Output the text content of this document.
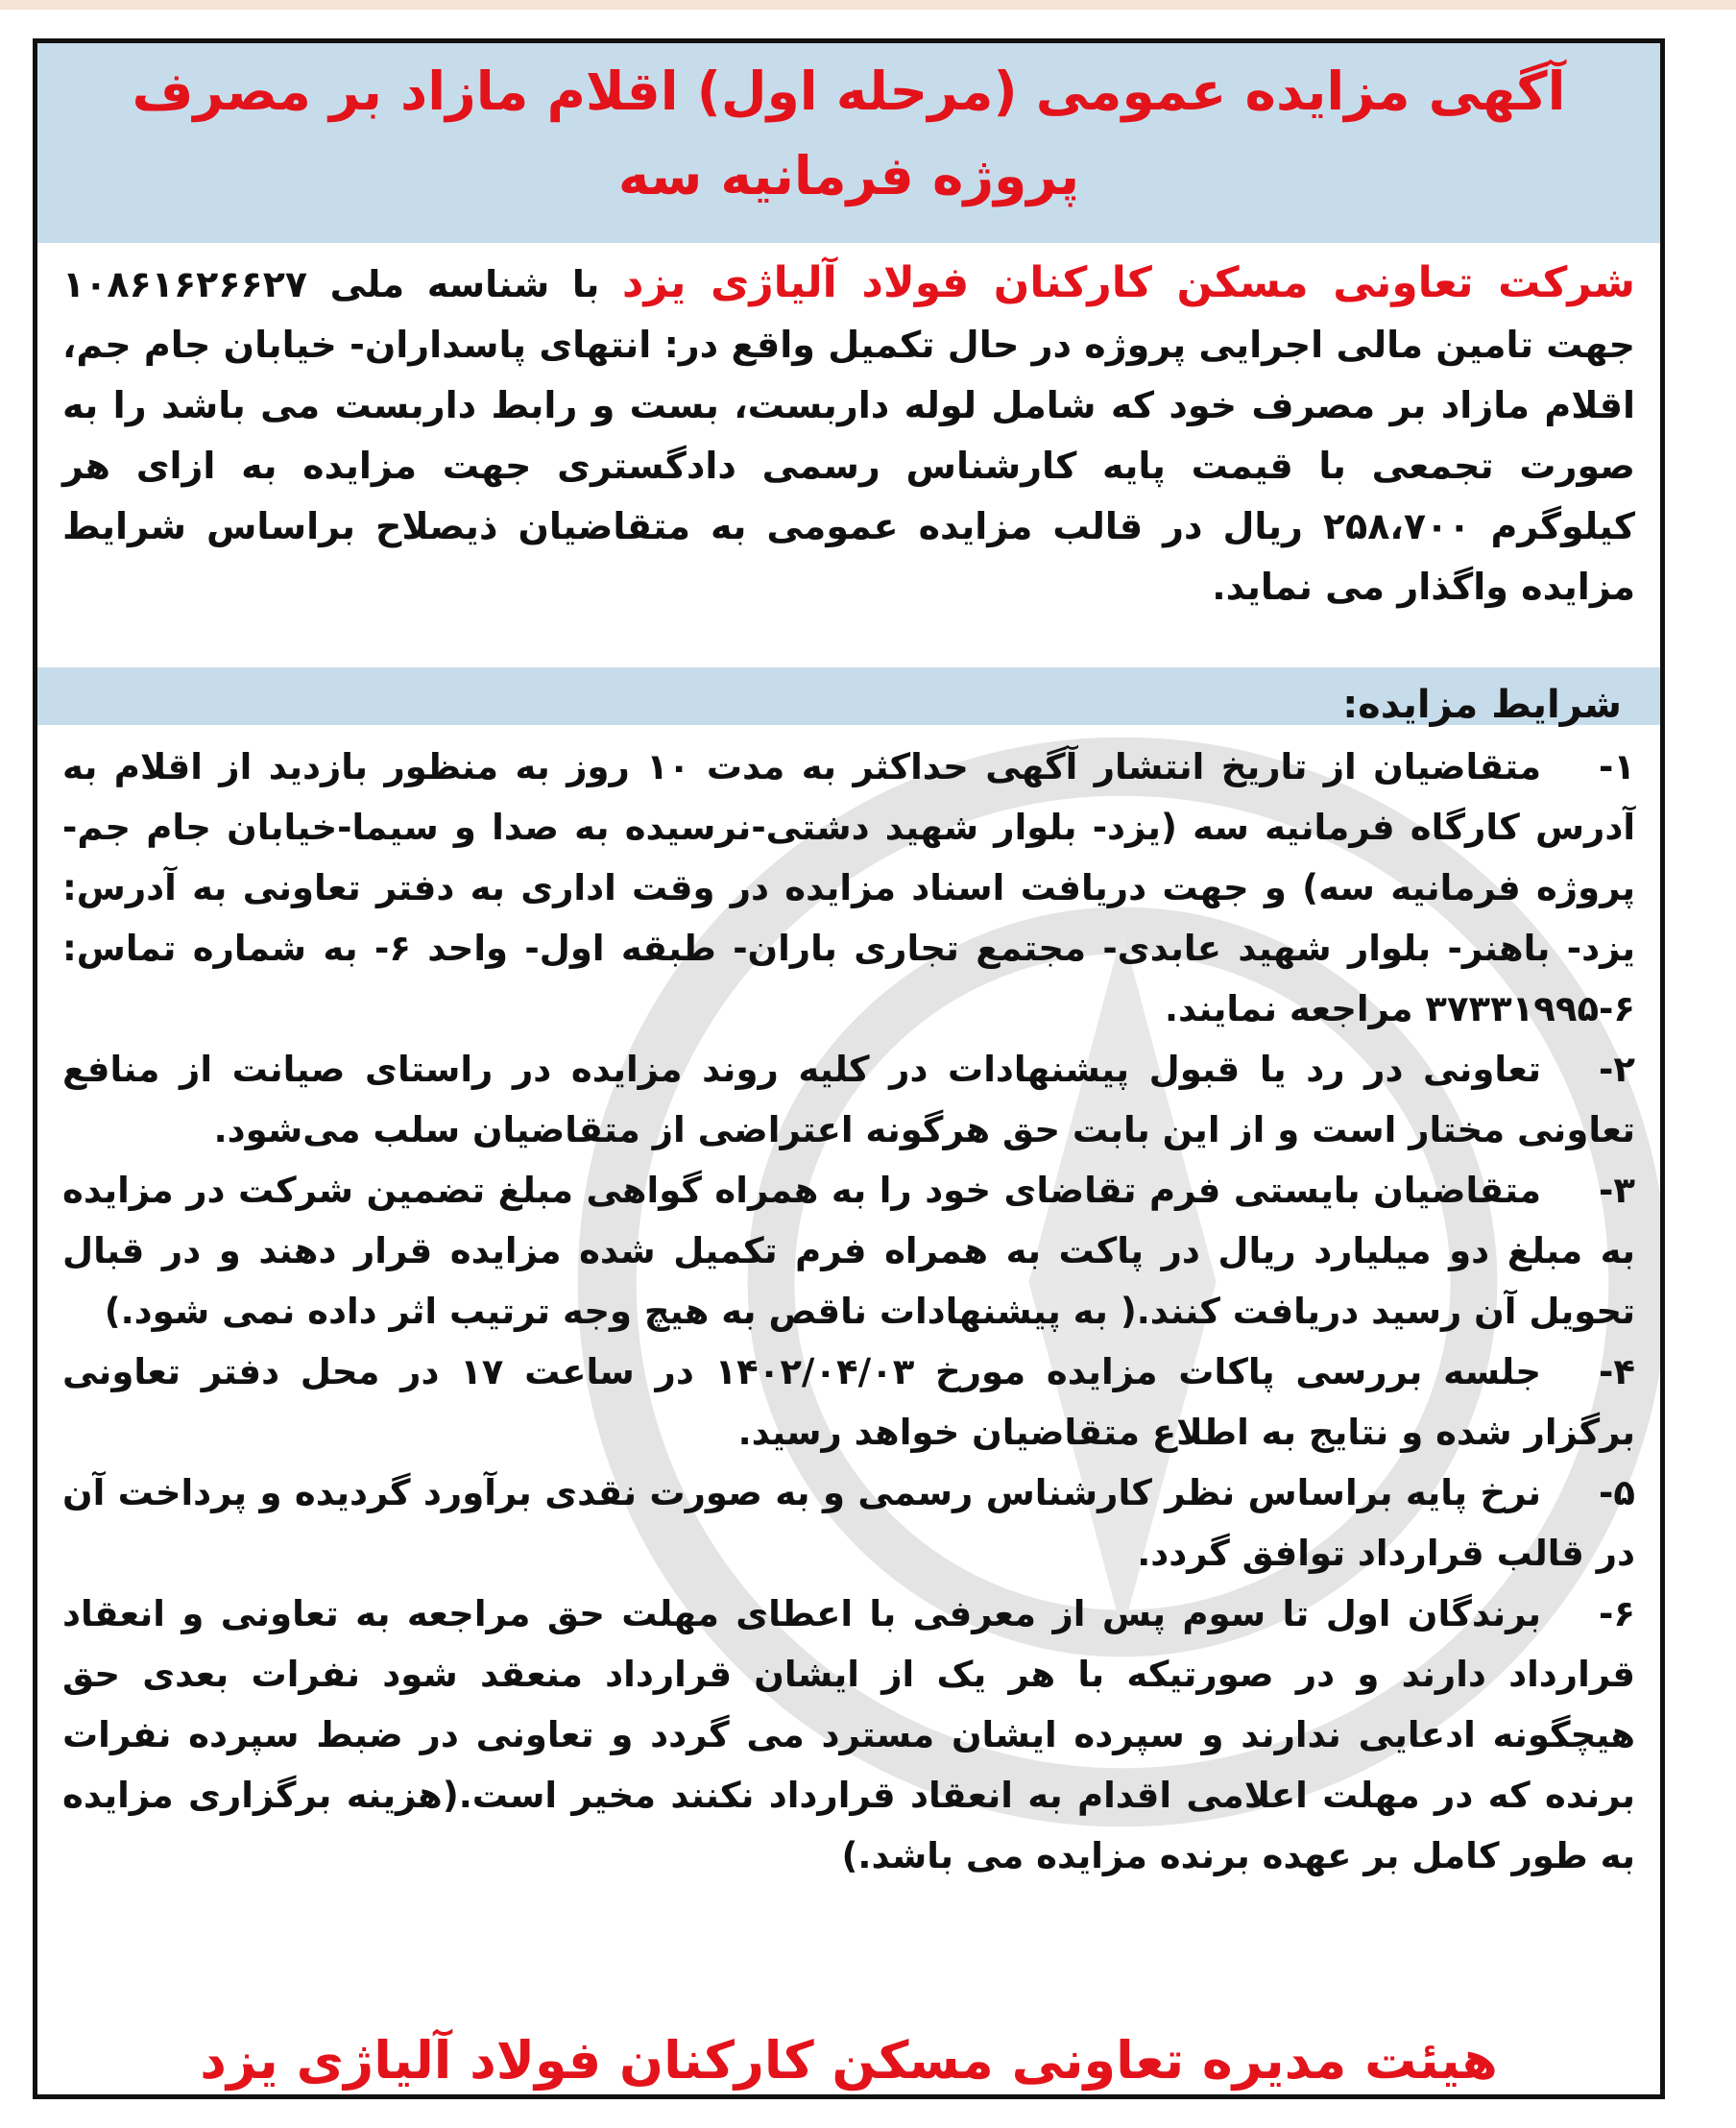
آگهی مزایده عمومی (مرحله اول) اقلام مازاد بر مصرف پروژه فرمانیه سه
شرکت تعاونی مسکن کارکنان فولاد آلیاژی یزد با شناسه ملی ۱۰۸۶۱۶۲۶۶۲۷ جهت تامین مالی اجرایی پروژه در حال تکمیل واقع در: انتهای پاسداران- خیابان جام جم، اقلام مازاد بر مصرف خود که شامل لوله داربست، بست و رابط داربست می باشد را به صورت تجمعی با قیمت پایه کارشناس رسمی دادگستری جهت مزایده به ازای هر کیلوگرم ۲۵۸،۷۰۰ ریال در قالب مزایده عمومی به متقاضیان ذیصلاح براساس شرایط مزایده واگذار می نماید.
شرایط مزایده:

۱-متقاضیان از تاریخ انتشار آگهی حداکثر به مدت ۱۰ روز به منظور بازدید از اقلام به آدرس کارگاه فرمانیه سه (یزد- بلوار شهید دشتی-نرسیده به صدا و سیما-خیابان جام جم-پروژه فرمانیه سه) و جهت دریافت اسناد مزایده در وقت اداری به دفتر تعاونی به آدرس: یزد- باهنر- بلوار شهید عابدی- مجتمع تجاری باران- طبقه اول- واحد ۶- به شماره تماس: ۶-۳۷۳۳۱۹۹۵ مراجعه نمایند.

۲-تعاونی در رد یا قبول پیشنهادات در کلیه روند مزایده در راستای صیانت از منافع تعاونی مختار است و از این بابت حق هرگونه اعتراضی از متقاضیان سلب می‌شود.

۳-متقاضیان بایستی فرم تقاضای خود را به همراه گواهی مبلغ تضمین شرکت در مزایده به مبلغ دو میلیارد ریال در پاکت به همراه فرم تکمیل شده مزایده قرار دهند و در قبال تحویل آن رسید دریافت کنند.( به پیشنهادات ناقص به هیچ وجه ترتیب اثر داده نمی شود.)

۴-جلسه بررسی پاکات مزایده مورخ ۱۴۰۲/۰۴/۰۳ در ساعت ۱۷ در محل دفتر تعاونی برگزار شده و نتایج به اطلاع متقاضیان خواهد رسید.

۵-نرخ پایه براساس نظر کارشناس رسمی و به صورت نقدی برآورد گردیده و پرداخت آن در قالب قرارداد توافق گردد.

۶-برندگان اول تا سوم پس از معرفی با اعطای مهلت حق مراجعه به تعاونی و انعقاد قرارداد دارند و در صورتیکه با هر یک از ایشان قرارداد منعقد شود نفرات بعدی حق هیچگونه ادعایی ندارند و سپرده ایشان مسترد می گردد و تعاونی در ضبط سپرده نفرات برنده که در مهلت اعلامی اقدام به انعقاد قرارداد نکنند مخیر است.(هزینه برگزاری مزایده به طور کامل بر عهده برنده مزایده می باشد.)

هیئت مدیره تعاونی مسکن کارکنان فولاد آلیاژی یزد
